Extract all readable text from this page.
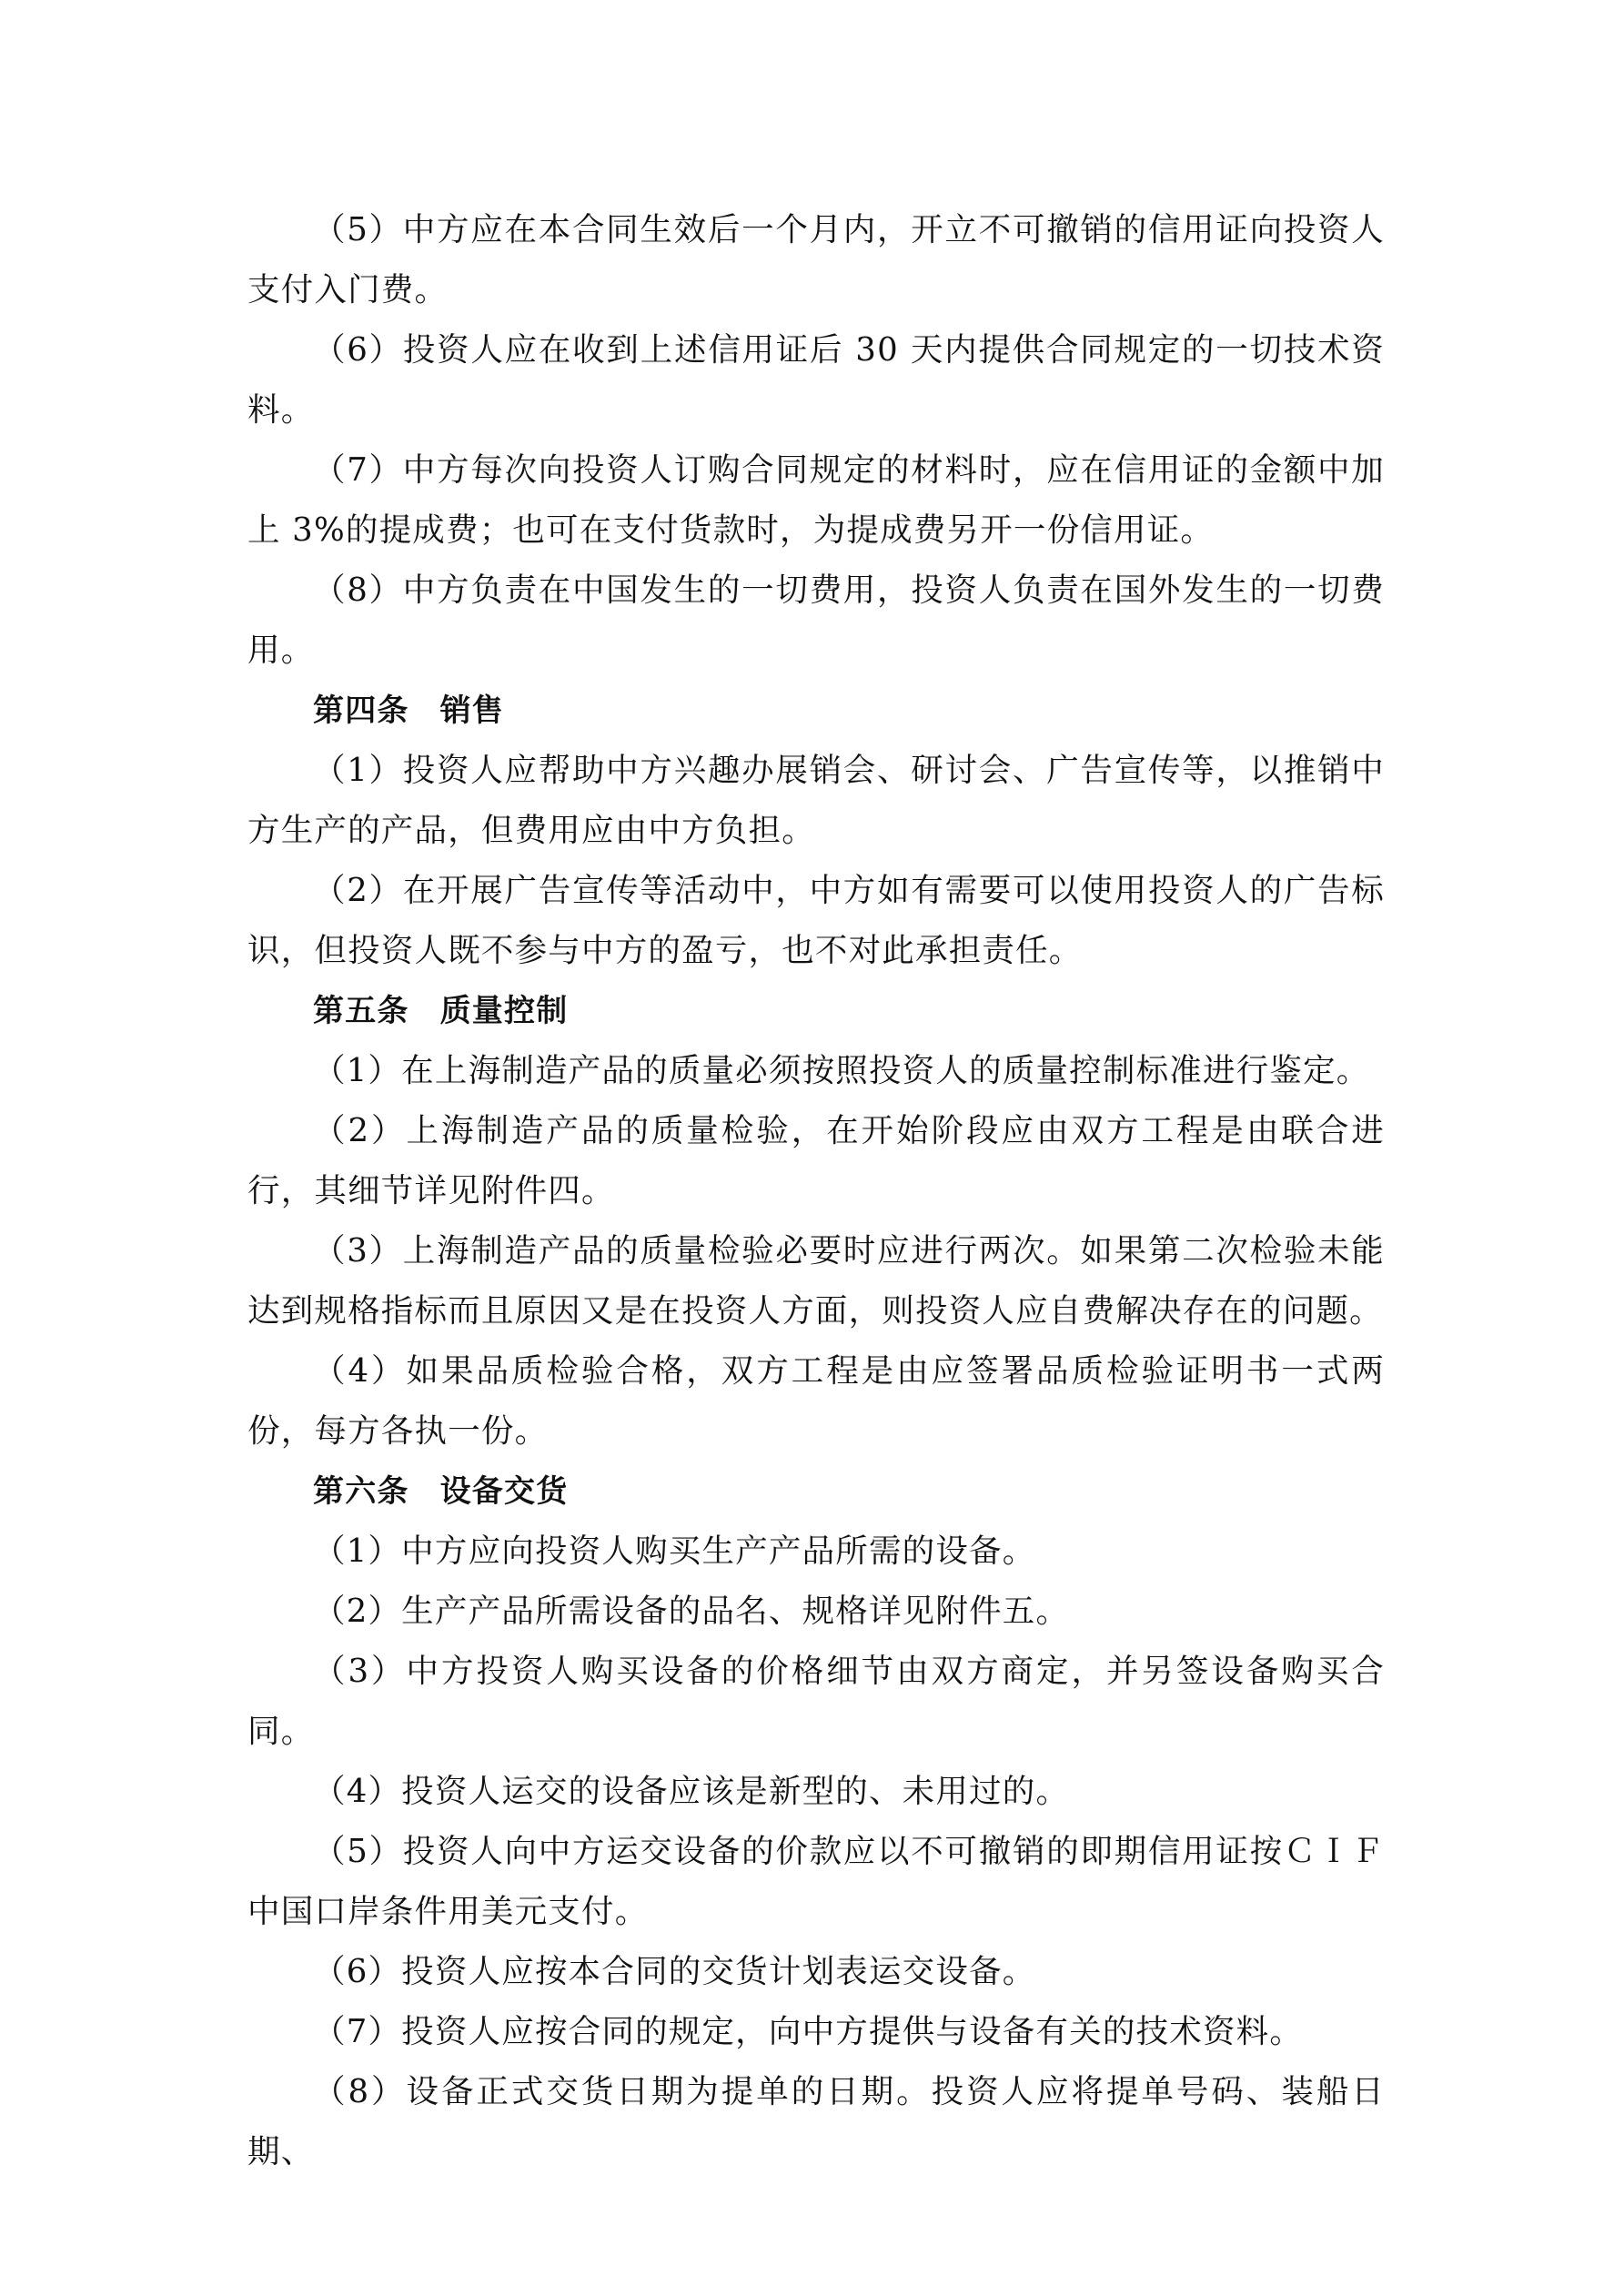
（5）中方应在本合同生效后一个月内，开立不可撤销的信用证向投资人支付入门费。

（6）投资人应在收到上述信用证后 30 天内提供合同规定的一切技术资料。

（7）中方每次向投资人订购合同规定的材料时，应在信用证的金额中加上 3%的提成费；也可在支付货款时，为提成费另开一份信用证。

（8）中方负责在中国发生的一切费用，投资人负责在国外发生的一切费用。

第四条 销售

（1）投资人应帮助中方兴趣办展销会、研讨会、广告宣传等，以推销中方生产的产品，但费用应由中方负担。

（2）在开展广告宣传等活动中，中方如有需要可以使用投资人的广告标识，但投资人既不参与中方的盈亏，也不对此承担责任。

第五条 质量控制

（1）在上海制造产品的质量必须按照投资人的质量控制标准进行鉴定。

（2）上海制造产品的质量检验，在开始阶段应由双方工程是由联合进行，其细节详见附件四。

（3）上海制造产品的质量检验必要时应进行两次。如果第二次检验未能达到规格指标而且原因又是在投资人方面，则投资人应自费解决存在的问题。

（4）如果品质检验合格，双方工程是由应签署品质检验证明书一式两份，每方各执一份。

第六条 设备交货

（1）中方应向投资人购买生产产品所需的设备。

（2）生产产品所需设备的品名、规格详见附件五。

（3）中方投资人购买设备的价格细节由双方商定，并另签设备购买合同。

（4）投资人运交的设备应该是新型的、未用过的。

（5）投资人向中方运交设备的价款应以不可撤销的即期信用证按ＣＩＦ中国口岸条件用美元支付。

（6）投资人应按本合同的交货计划表运交设备。

（7）投资人应按合同的规定，向中方提供与设备有关的技术资料。

（8）设备正式交货日期为提单的日期。投资人应将提单号码、装船日期、
